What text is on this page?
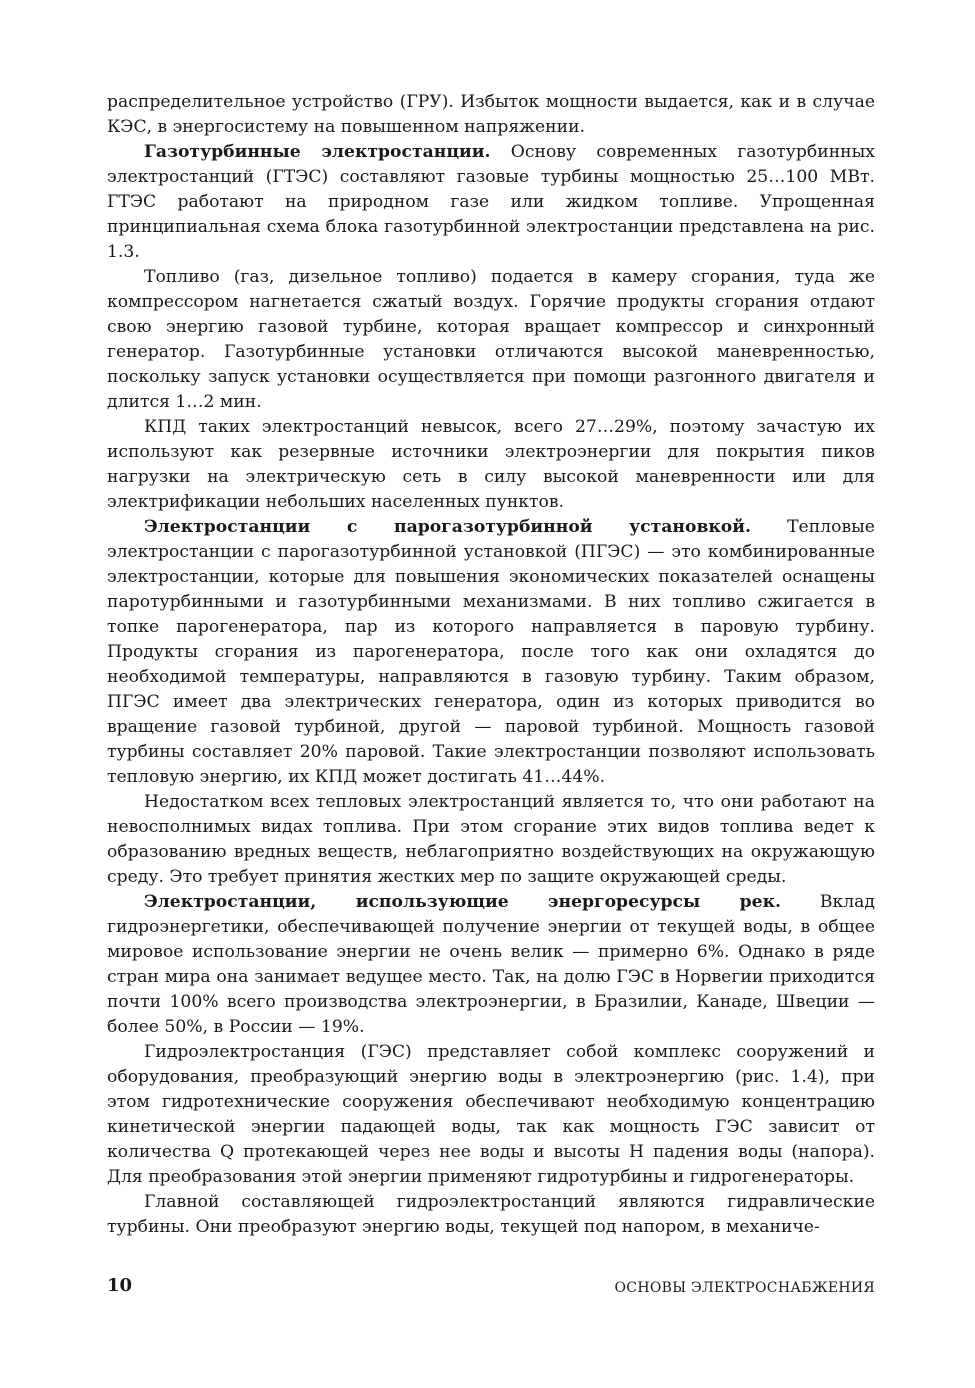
распределительное устройство (ГРУ). Избыток мощности выдается, как и в случае КЭС, в энергосистему на повышенном напряжении.

Газотурбинные электростанции. Основу современных газотурбинных электростанций (ГТЭС) составляют газовые турбины мощностью 25…100 МВт. ГТЭС работают на природном газе или жидком топливе. Упрощенная принципиальная схема блока газотурбинной электростанции представлена на рис. 1.3.

Топливо (газ, дизельное топливо) подается в камеру сгорания, туда же компрессором нагнетается сжатый воздух. Горячие продукты сгорания отдают свою энергию газовой турбине, которая вращает компрессор и синхронный генератор. Газотурбинные установки отличаются высокой маневренностью, поскольку запуск установки осуществляется при помощи разгонного двигателя и длится 1…2 мин.

КПД таких электростанций невысок, всего 27…29%, поэтому зачастую их используют как резервные источники электроэнергии для покрытия пиков нагрузки на электрическую сеть в силу высокой маневренности или для электрификации небольших населенных пунктов.

Электростанции с парогазотурбинной установкой. Тепловые электростанции с парогазотурбинной установкой (ПГЭС) — это комбинированные электростанции, которые для повышения экономических показателей оснащены паротурбинными и газотурбинными механизмами. В них топливо сжигается в топке парогенератора, пар из которого направляется в паровую турбину. Продукты сгорания из парогенератора, после того как они охладятся до необходимой температуры, направляются в газовую турбину. Таким образом, ПГЭС имеет два электрических генератора, один из которых приводится во вращение газовой турбиной, другой — паровой турбиной. Мощность газовой турбины составляет 20% паровой. Такие электростанции позволяют использовать тепловую энергию, их КПД может достигать 41…44%.

Недостатком всех тепловых электростанций является то, что они работают на невосполнимых видах топлива. При этом сгорание этих видов топлива ведет к образованию вредных веществ, неблагоприятно воздействующих на окружающую среду. Это требует принятия жестких мер по защите окружающей среды.

Электростанции, использующие энергоресурсы рек. Вклад гидроэнергетики, обеспечивающей получение энергии от текущей воды, в общее мировое использование энергии не очень велик — примерно 6%. Однако в ряде стран мира она занимает ведущее место. Так, на долю ГЭС в Норвегии приходится почти 100% всего производства электроэнергии, в Бразилии, Канаде, Швеции — более 50%, в России — 19%.

Гидроэлектростанция (ГЭС) представляет собой комплекс сооружений и оборудования, преобразующий энергию воды в электроэнергию (рис. 1.4), при этом гидротехнические сооружения обеспечивают необходимую концентрацию кинетической энергии падающей воды, так как мощность ГЭС зависит от количества Q протекающей через нее воды и высоты H падения воды (напора). Для преобразования этой энергии применяют гидротурбины и гидрогенераторы.

Главной составляющей гидроэлектростанций являются гидравлические турбины. Они преобразуют энергию воды, текущей под напором, в механиче-

10	ОСНОВЫ ЭЛЕКТРОСНАБЖЕНИЯ
